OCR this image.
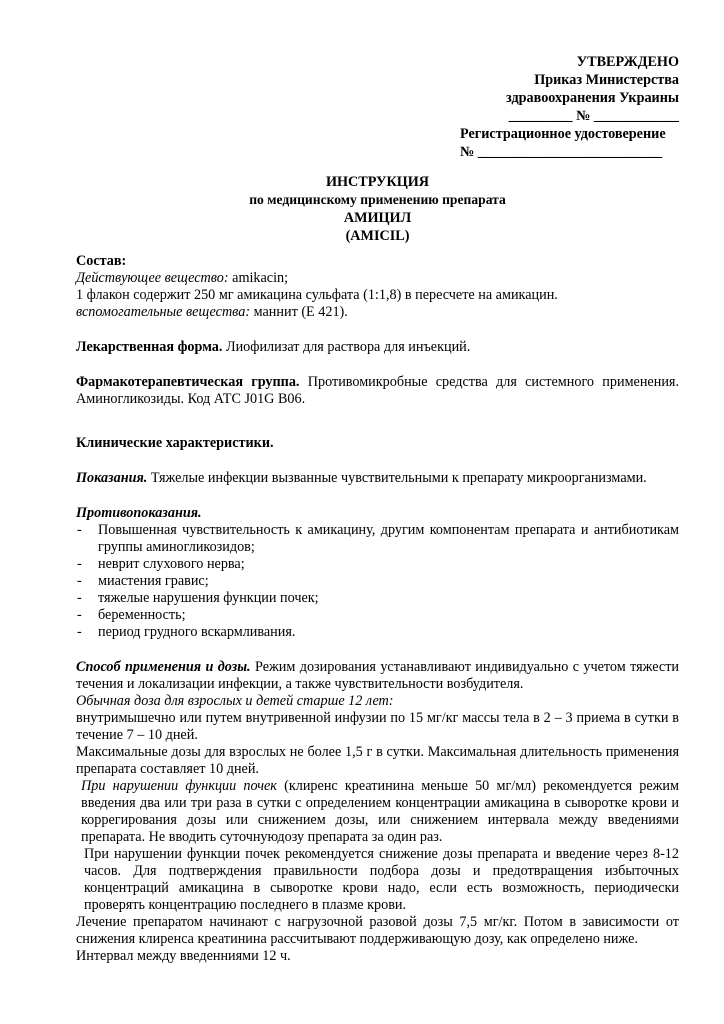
УТВЕРЖДЕНО
Приказ Министерства
здравоохранения Украины
_________ № ____________
Регистрационное удостоверение
№ __________________________
ИНСТРУКЦИЯ
по медицинскому применению препарата
АМИЦИЛ
(AMICIL)
Состав:
Действующее вещество: amikacin;
1 флакон содержит 250 мг амикацина сульфата (1:1,8) в пересчете на амикацин.
вспомогательные вещества: маннит (Е 421).
Лекарственная форма. Лиофилизат для раствора для инъекций.
Фармакотерапевтическая группа. Противомикробные средства для системного применения. Аминогликозиды. Код АТС J01G B06.
Клинические характеристики.
Показания. Тяжелые инфекции вызванные чувствительными к препарату микроорганизмами.
Противопоказания.
- Повышенная чувствительность к амикацину, другим компонентам препарата и антибиотикам группы аминогликозидов;
- неврит слухового нерва;
- миастения гравис;
- тяжелые нарушения функции почек;
- беременность;
- период грудного вскармливания.
Способ применения и дозы. Режим дозирования устанавливают индивидуально с учетом тяжести течения и локализации инфекции, а также чувствительности возбудителя.
Обычная доза для взрослых и детей старше 12 лет:
внутримышечно или путем внутривенной инфузии по 15 мг/кг массы тела в 2 – 3 приема в сутки в течение 7 – 10 дней.
Максимальные дозы для взрослых не более 1,5 г в сутки. Максимальная длительность применения препарата составляет 10 дней.
При нарушении функции почек (клиренс креатинина меньше 50 мг/мл) рекомендуется режим введения два или три раза в сутки с определением концентрации амикацина в сыворотке крови и коррегирования дозы или снижением дозы, или снижением интервала между введениями препарата. Не вводить суточнуюдозу препарата за один раз.
При нарушении функции почек рекомендуется снижение дозы препарата и введение через 8-12 часов. Для подтверждения правильности подбора дозы и предотвращения избыточных концентраций амикацина в сыворотке крови надо, если есть возможность, периодически проверять концентрацию последнего в плазме крови.
Лечение препаратом начинают с нагрузочной разовой дозы 7,5 мг/кг. Потом в зависимости от снижения клиренса креатинина рассчитывают поддерживающую дозу, как определено ниже.
Интервал между введенниями 12 ч.
